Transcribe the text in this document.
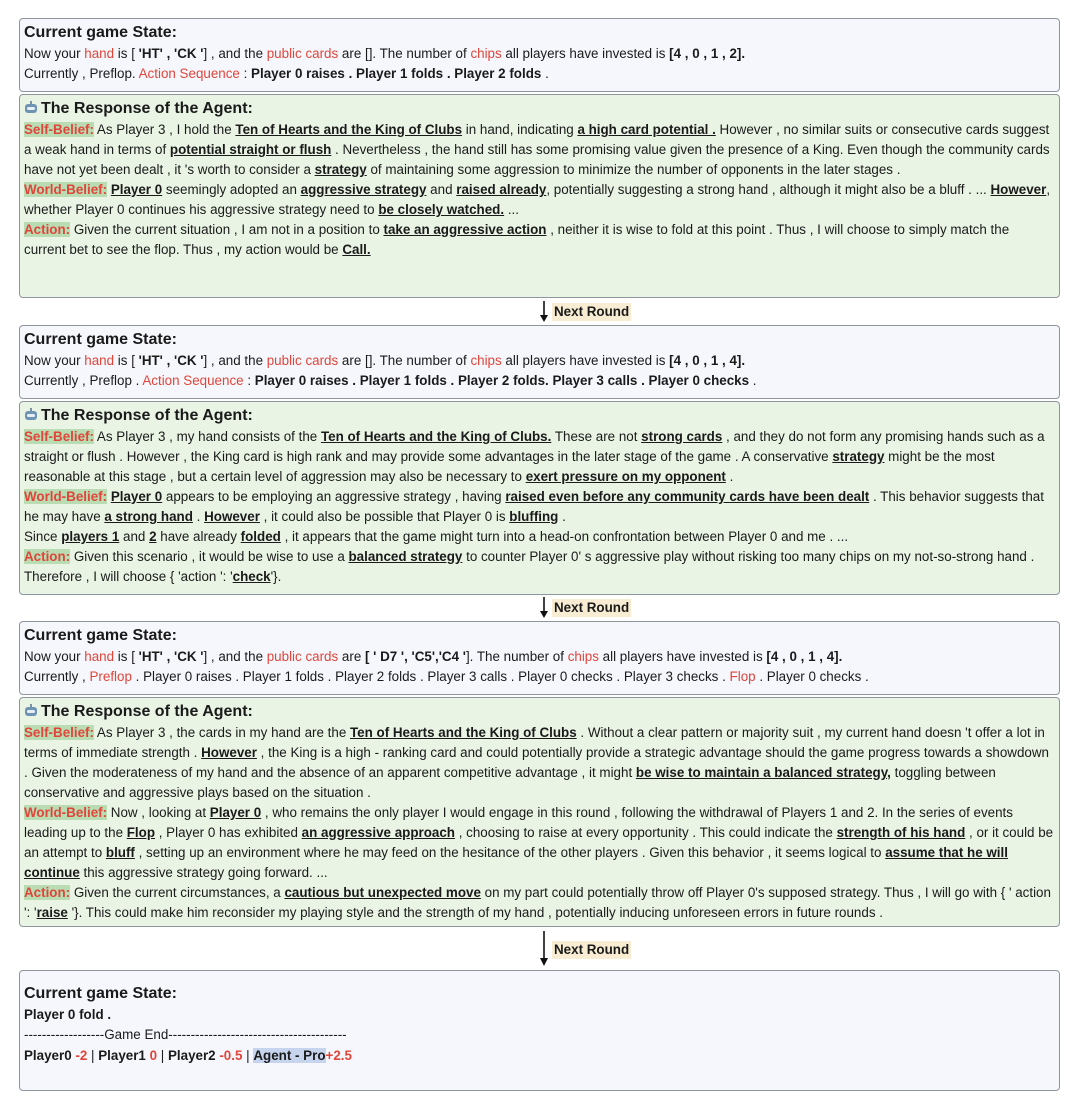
Current game State:
Now your hand is [ 'HT' , 'CK '] , and the public cards are []. The number of chips all players have invested is [4 , 0 , 1 , 2].
Currently , Preflop. Action Sequence : Player 0 raises . Player 1 folds . Player 2 folds .
The Response of the Agent:
Self-Belief: As Player 3 , I hold the Ten of Hearts and the King of Clubs in hand, indicating a high card potential . However , no similar suits or consecutive cards suggest a weak hand in terms of potential straight or flush . Nevertheless , the hand still has some promising value given the presence of a King. Even though the community cards have not yet been dealt , it 's worth to consider a strategy of maintaining some aggression to minimize the number of opponents in the later stages .
World-Belief: Player 0 seemingly adopted an aggressive strategy and raised already, potentially suggesting a strong hand , although it might also be a bluff . ... However, whether Player 0 continues his aggressive strategy need to be closely watched. ...
Action: Given the current situation , I am not in a position to take an aggressive action , neither it is wise to fold at this point . Thus , I will choose to simply match the current bet to see the flop. Thus , my action would be Call.
Next Round
Current game State:
Now your hand is [ 'HT' , 'CK '] , and the public cards are []. The number of chips all players have invested is [4 , 0 , 1 , 4].
Currently , Preflop . Action Sequence : Player 0 raises . Player 1 folds . Player 2 folds. Player 3 calls . Player 0 checks .
The Response of the Agent:
Self-Belief: As Player 3 , my hand consists of the Ten of Hearts and the King of Clubs. These are not strong cards , and they do not form any promising hands such as a straight or flush . However , the King card is high rank and may provide some advantages in the later stage of the game . A conservative strategy might be the most reasonable at this stage , but a certain level of aggression may also be necessary to exert pressure on my opponent .
World-Belief: Player 0 appears to be employing an aggressive strategy , having raised even before any community cards have been dealt . This behavior suggests that he may have a strong hand . However , it could also be possible that Player 0 is bluffing .
Since players 1 and 2 have already folded , it appears that the game might turn into a head-on confrontation between Player 0 and me . ...
Action: Given this scenario , it would be wise to use a balanced strategy to counter Player 0' s aggressive play without risking too many chips on my not-so-strong hand . Therefore , I will choose { 'action ': 'check'}.
Next Round
Current game State:
Now your hand is [ 'HT' , 'CK '] , and the public cards are [ ' D7 ', 'C5','C4 ']. The number of chips all players have invested is [4 , 0 , 1 , 4].
Currently , Preflop . Player 0 raises . Player 1 folds . Player 2 folds . Player 3 calls . Player 0 checks . Player 3 checks . Flop . Player 0 checks .
The Response of the Agent:
Self-Belief: As Player 3 , the cards in my hand are the Ten of Hearts and the King of Clubs . Without a clear pattern or majority suit , my current hand doesn 't offer a lot in terms of immediate strength . However , the King is a high - ranking card and could potentially provide a strategic advantage should the game progress towards a showdown . Given the moderateness of my hand and the absence of an apparent competitive advantage , it might be wise to maintain a balanced strategy, toggling between conservative and aggressive plays based on the situation .
World-Belief: Now , looking at Player 0 , who remains the only player I would engage in this round , following the withdrawal of Players 1 and 2. In the series of events leading up to the Flop , Player 0 has exhibited an aggressive approach , choosing to raise at every opportunity . This could indicate the strength of his hand , or it could be an attempt to bluff , setting up an environment where he may feed on the hesitance of the other players . Given this behavior , it seems logical to assume that he will continue this aggressive strategy going forward. ...
Action: Given the current circumstances, a cautious but unexpected move on my part could potentially throw off Player 0's supposed strategy. Thus , I will go with { ' action ': 'raise '}. This could make him reconsider my playing style and the strength of my hand , potentially inducing unforeseen errors in future rounds .
Next Round
Current game State:
Player 0 fold .
------------------Game End----------------------------------------
Player0 -2 | Player1 0 | Player2 -0.5 | Agent - Pro+2.5
